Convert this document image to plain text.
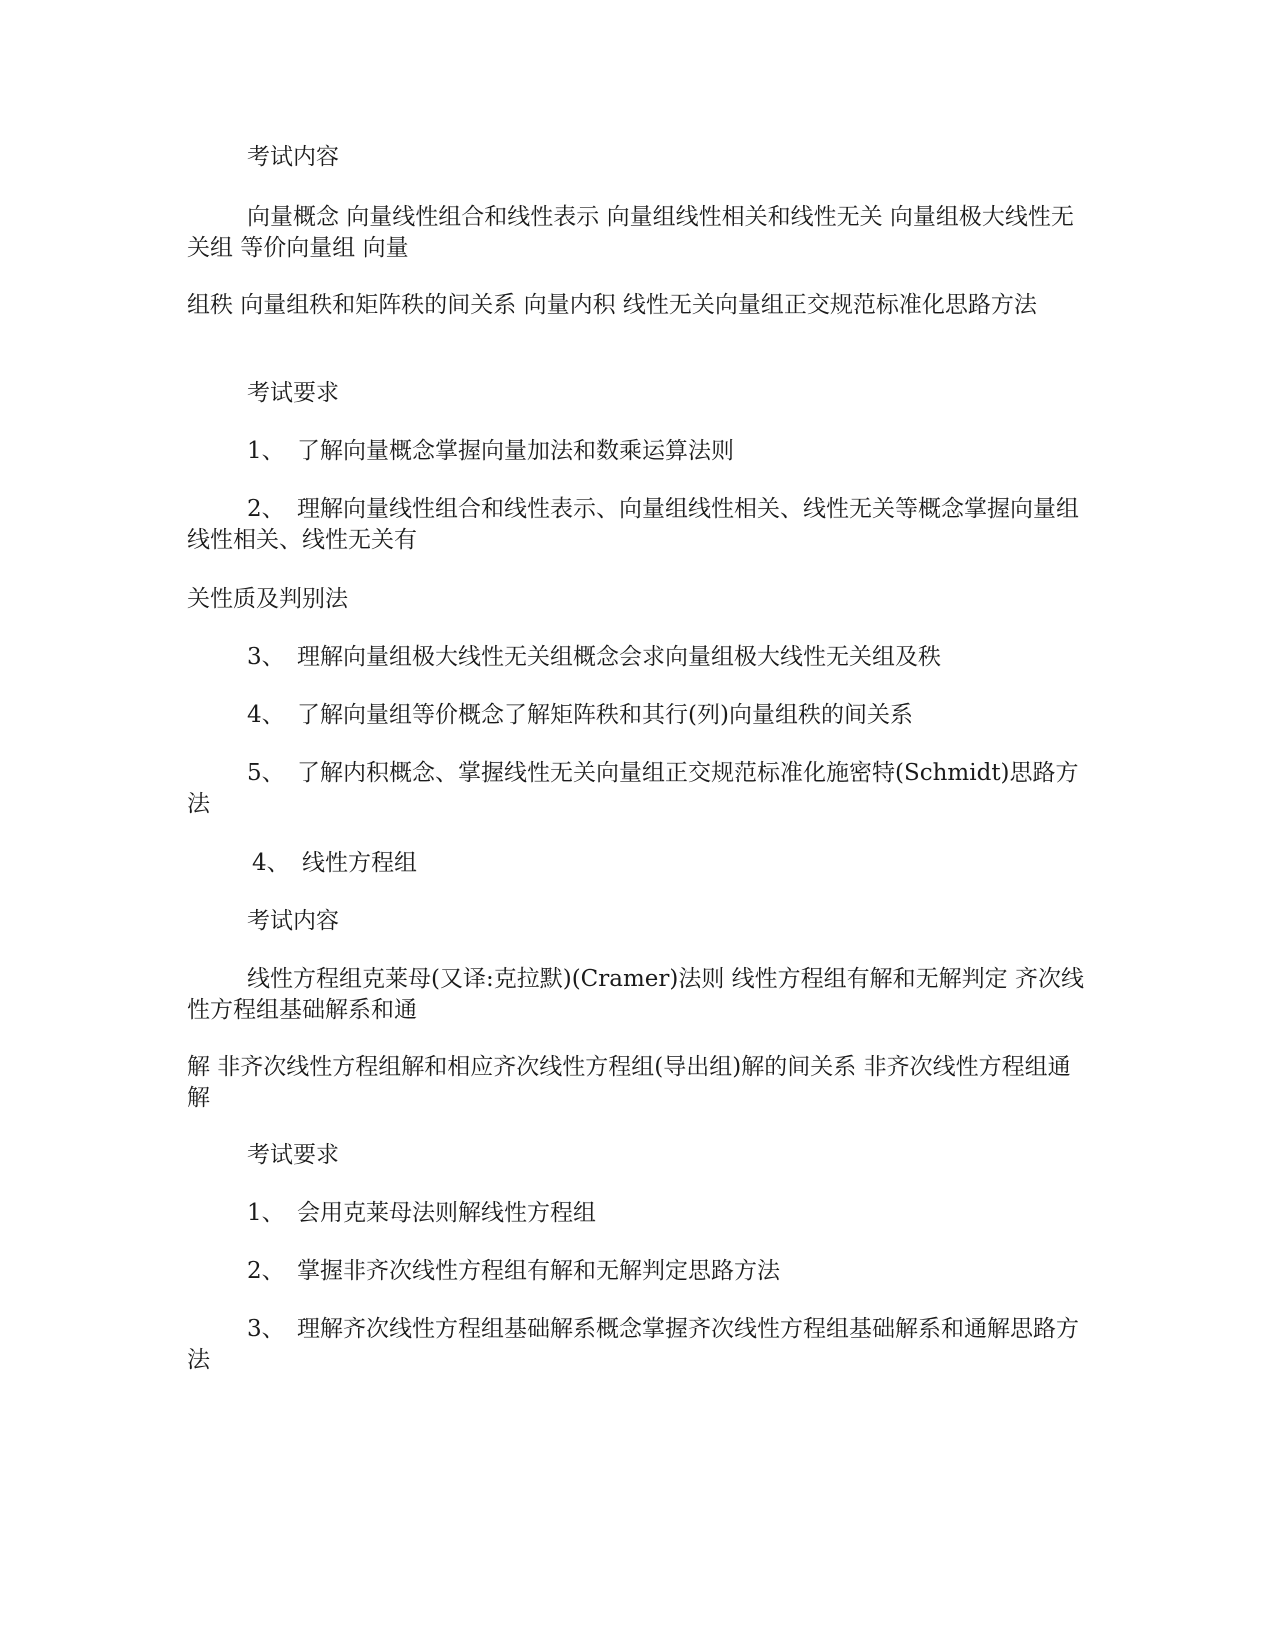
考试内容

向量概念 向量线性组合和线性表示 向量组线性相关和线性无关 向量组极大线性无关组 等价向量组 向量

组秩 向量组秩和矩阵秩的间关系 向量内积 线性无关向量组正交规范标准化思路方法

考试要求

1、 了解向量概念掌握向量加法和数乘运算法则

2、 理解向量线性组合和线性表示、向量组线性相关、线性无关等概念掌握向量组线性相关、线性无关有

关性质及判别法

3、 理解向量组极大线性无关组概念会求向量组极大线性无关组及秩

4、 了解向量组等价概念了解矩阵秩和其行(列)向量组秩的间关系

5、 了解内积概念、掌握线性无关向量组正交规范标准化施密特(Schmidt)思路方法

4、 线性方程组

考试内容

线性方程组克莱母(又译:克拉默)(Cramer)法则 线性方程组有解和无解判定 齐次线性方程组基础解系和通

解 非齐次线性方程组解和相应齐次线性方程组(导出组)解的间关系 非齐次线性方程组通解

考试要求

1、 会用克莱母法则解线性方程组

2、 掌握非齐次线性方程组有解和无解判定思路方法

3、 理解齐次线性方程组基础解系概念掌握齐次线性方程组基础解系和通解思路方法
